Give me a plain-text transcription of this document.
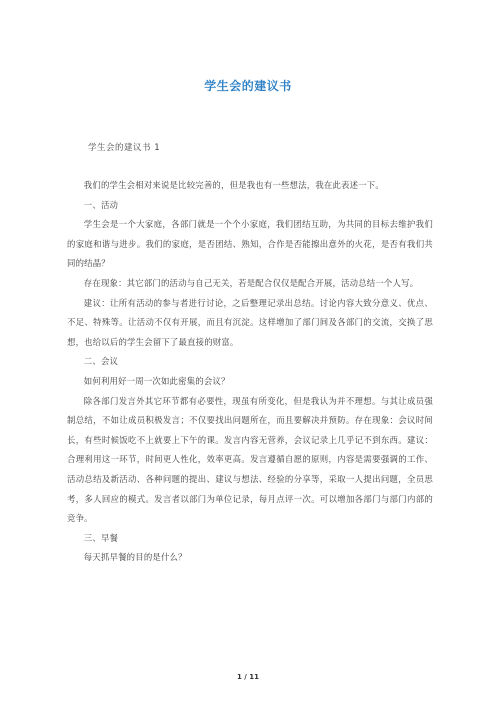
学生会的建议书
学生会的建议书 1

我们的学生会相对来说是比较完善的，但是我也有一些想法，我在此表述一下。

一、活动

学生会是一个大家庭，各部门就是一个个小家庭，我们团结互助，为共同的目标去维护我们的家庭和谐与进步。我们的家庭，是否团结、熟知，合作是否能擦出意外的火花，是否有我们共同的结晶？

存在现象：其它部门的活动与自己无关，若是配合仅仅是配合开展，活动总结一个人写。

建议：让所有活动的参与者进行讨论，之后整理记录出总结。讨论内容大致分意义、优点、不足、特殊等。让活动不仅有开展，而且有沉淀。这样增加了部门间及各部门的交流，交换了思想，也给以后的学生会留下了最直接的财富。

二、会议

如何利用好一周一次如此密集的会议？

除各部门发言外其它环节都有必要性，现虽有所变化，但是我认为并不理想。与其让成员强制总结，不如让成员积极发言；不仅要找出问题所在，而且要解决并预防。存在现象：会议时间长，有些时候饭吃不上就要上下午的课。发言内容无营养，会议记录上几乎记不到东西。建议：合理利用这一环节，时间更人性化，效率更高。发言遵循自愿的原则，内容是需要强调的工作、活动总结及新活动、各种问题的提出、建议与想法、经验的分享等，采取一人提出问题，全员思考，多人回应的模式。发言者以部门为单位记录，每月点评一次。可以增加各部门与部门内部的竞争。

三、早餐

每天抓早餐的目的是什么？

1 / 11
